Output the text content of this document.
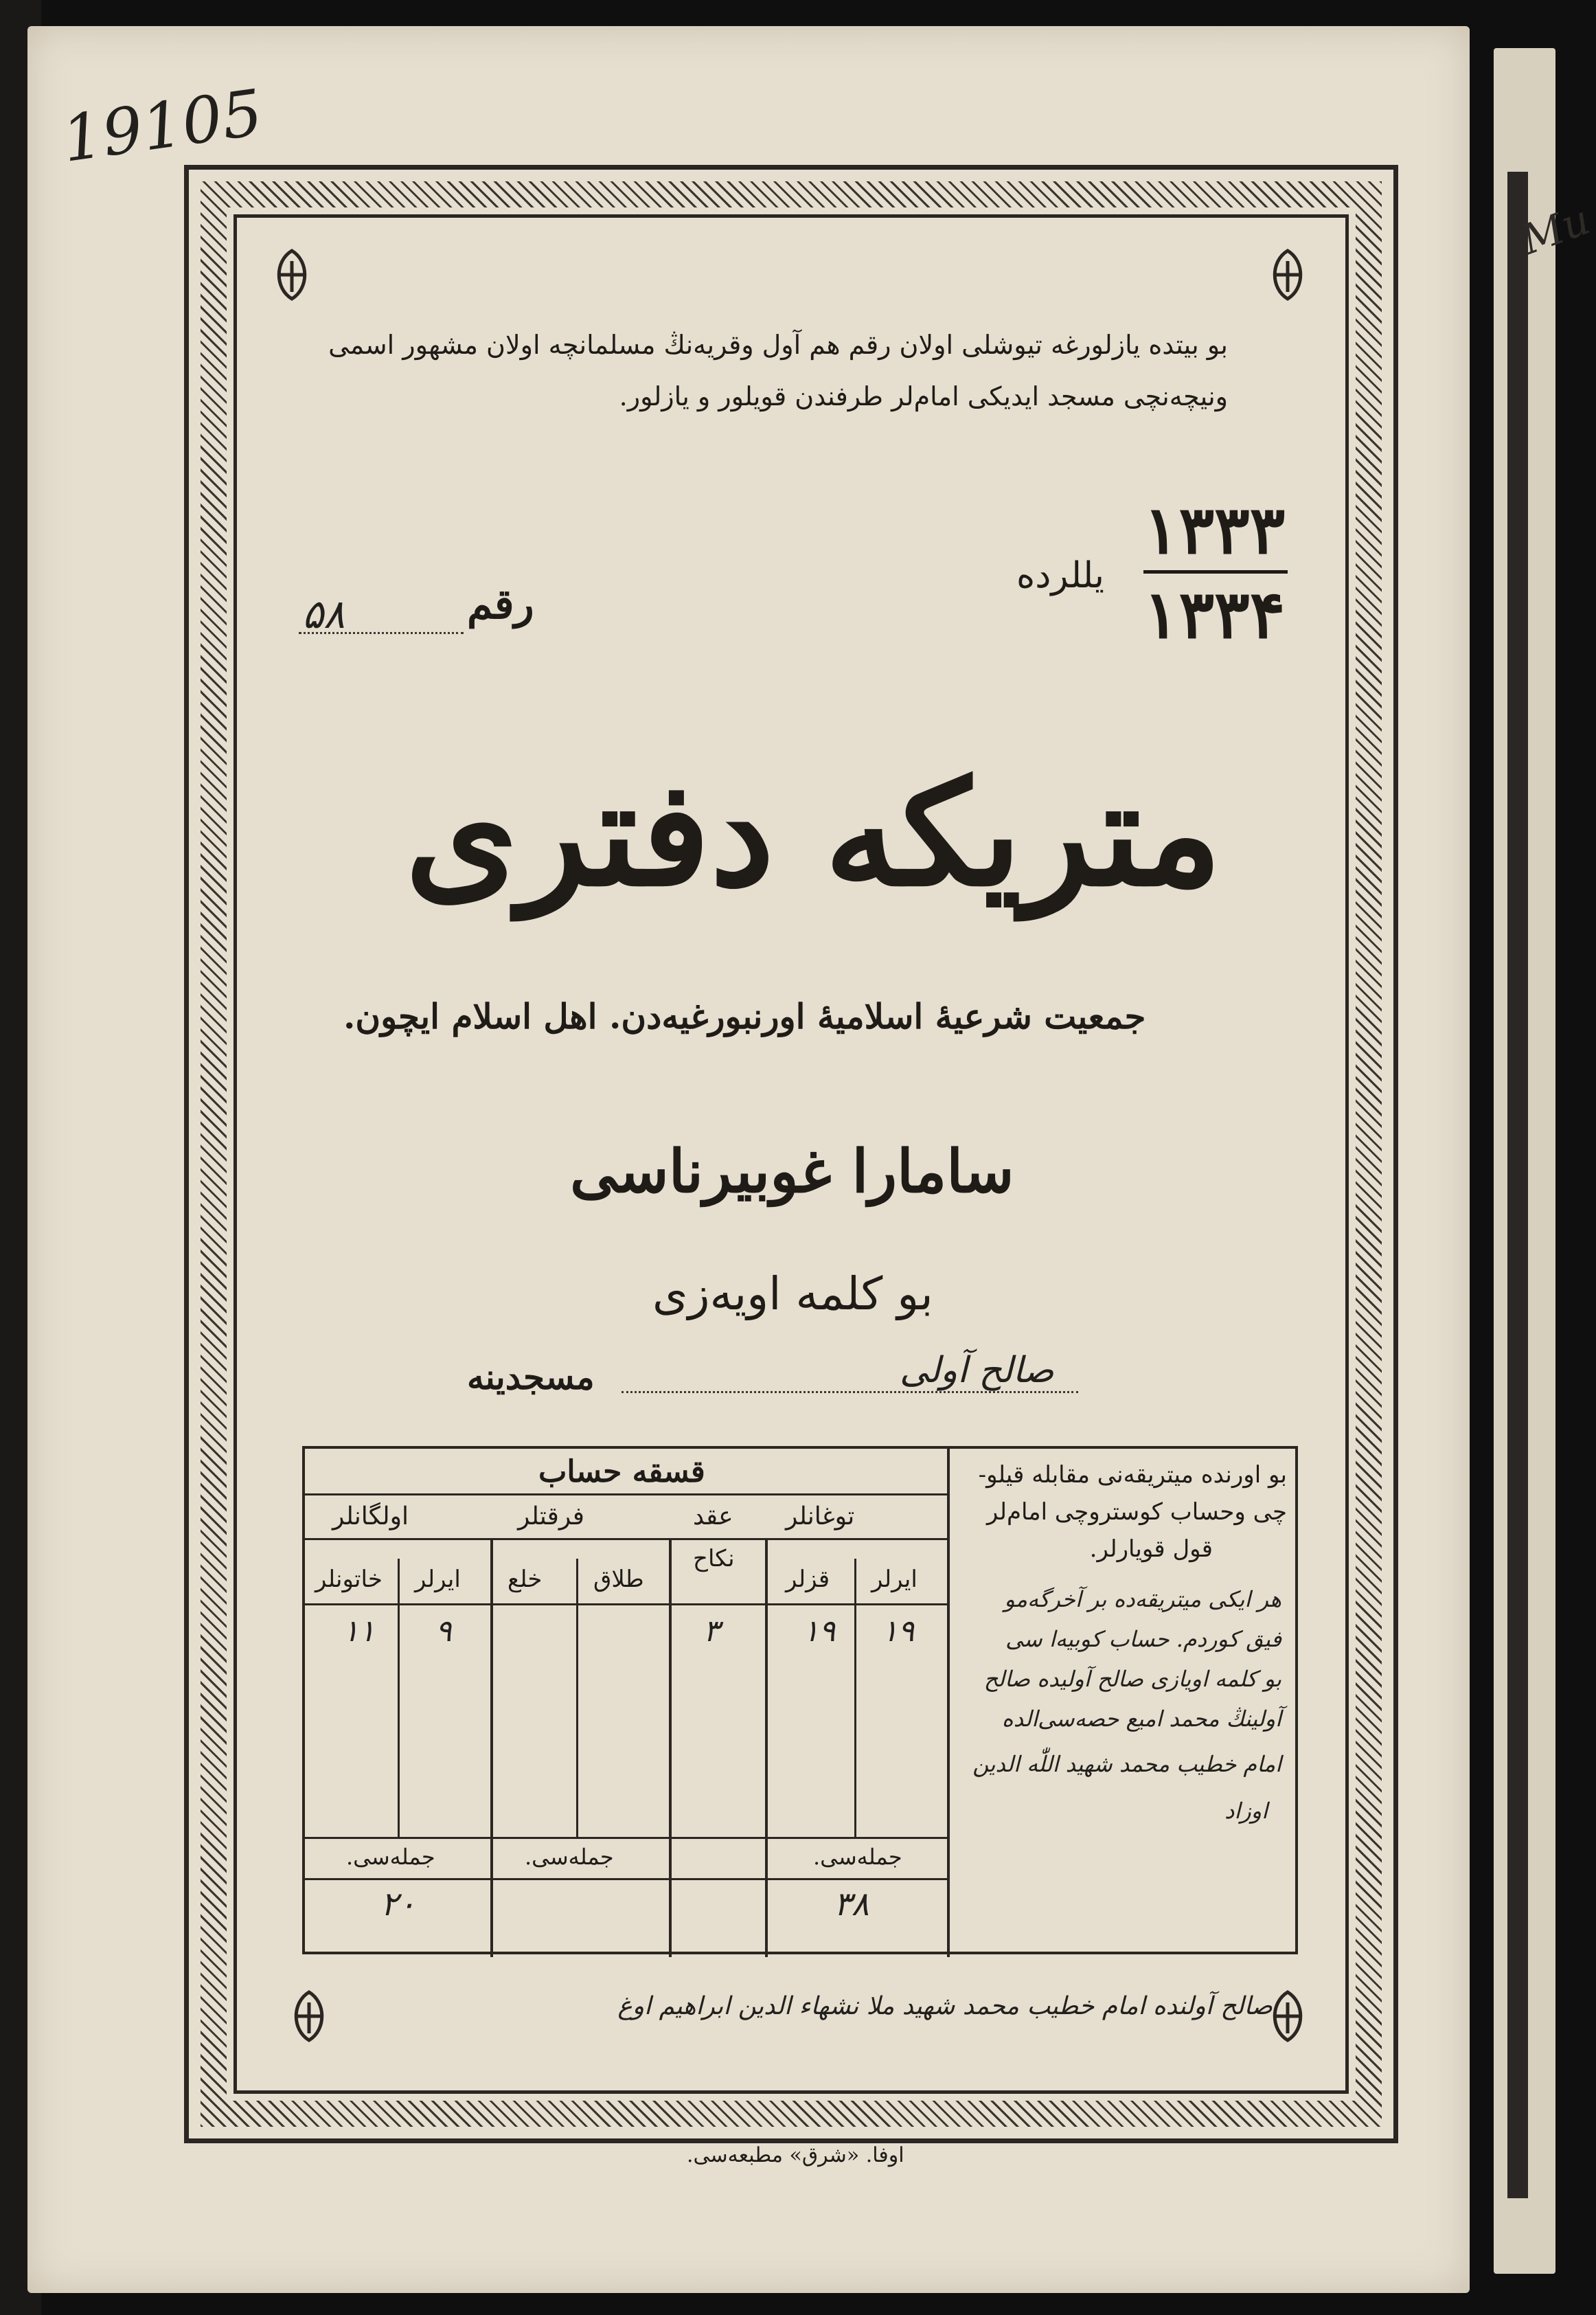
19105
Ми
بو بیتده یازلورغه تیوشلی اولان رقم هم آول وقریه‌نڭ مسلمانچه اولان مشهور اسمی
ونیچه‌نچی مسجد ایدیکی امام‌لر طرفندن قویلور و یازلور.
۱۳۳۳
۱۳۳۴
یللرده
رقم
۵۸
متریکه دفتری
جمعیت شرعیهٔ اسلامیهٔ اورنبورغیه‌دن. اهل اسلام ایچون.
سامارا غوبیرناسی
بو کلمه اویه‌زی
صالح آولی
مسجدینه
قسقه حساب
توغانلر
عقد
فرقتلر
اولگانلر
ایرلر
قزلر
نکاح
طلاق
خلع
ایرلر
خاتونلر
۱۹
۱۹
۳
۹
۱۱
جمله‌سی.
جمله‌سی.
جمله‌سی.
۳۸
۲۰
بو اورنده میتریقه‌نی مقابله قیلو-
چی وحساب کوسترو‌چی امام‌لر
قول قویارلر.
هر ایکی میتریقه‌ده بر آخرگه‌مو
فیق کوردم. حساب کوبیه‌ا سی
بو کلمه اویازی صالح آولیده صالح
آولینڭ محمد امیع حصه‌سی‌الده
امام خطیب محمد شهید اللّٰه الدین
اوزاد
صالح آولنده امام خطیب محمد شهید ملا نشهاء الدین ابراهیم اوغ
اوفا. «شرق» مطبعه‌سی.
